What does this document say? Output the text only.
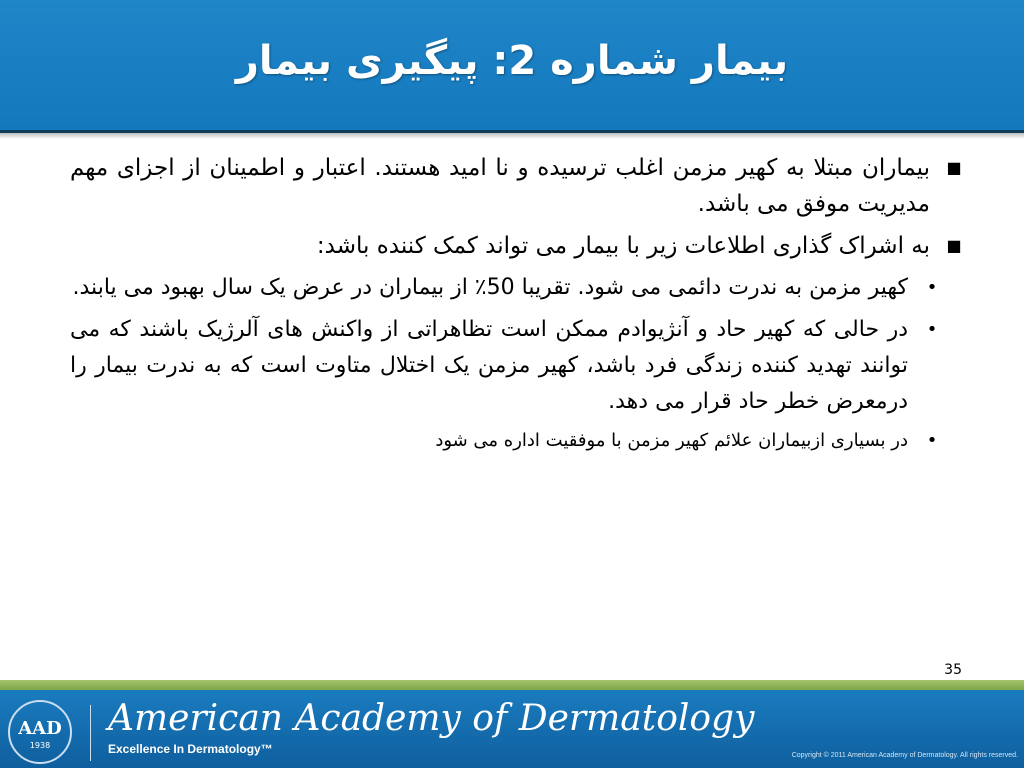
بیمار شماره 2: پیگیری بیمار
■
بیماران مبتلا به کهیر مزمن اغلب ترسیده و نا امید هستند. اعتبار و اطمینان از اجزای مهم مدیریت موفق می باشد.
■
به اشراک گذاری اطلاعات زیر با بیمار می تواند کمک کننده باشد:
•
کهیر مزمن به ندرت دائمی می شود. تقریبا 50٪ از بیماران در عرض یک سال بهبود می یابند.
•
در حالی که کهیر حاد و آنژیوادم ممکن است تظاهراتی از واکنش های آلرژیک باشند که می توانند تهدید کننده زندگی فرد باشد، کهیر مزمن یک اختلال متاوت است که به ندرت بیمار را درمعرض خطر حاد قرار می دهد.
•
در بسیاری ازبیماران علائم کهیر مزمن با موفقیت اداره می شود
35
AAD
1938
American Academy of Dermatology
Excellence In Dermatology™	Copyright © 2011 American Academy of Dermatology. All rights reserved.
